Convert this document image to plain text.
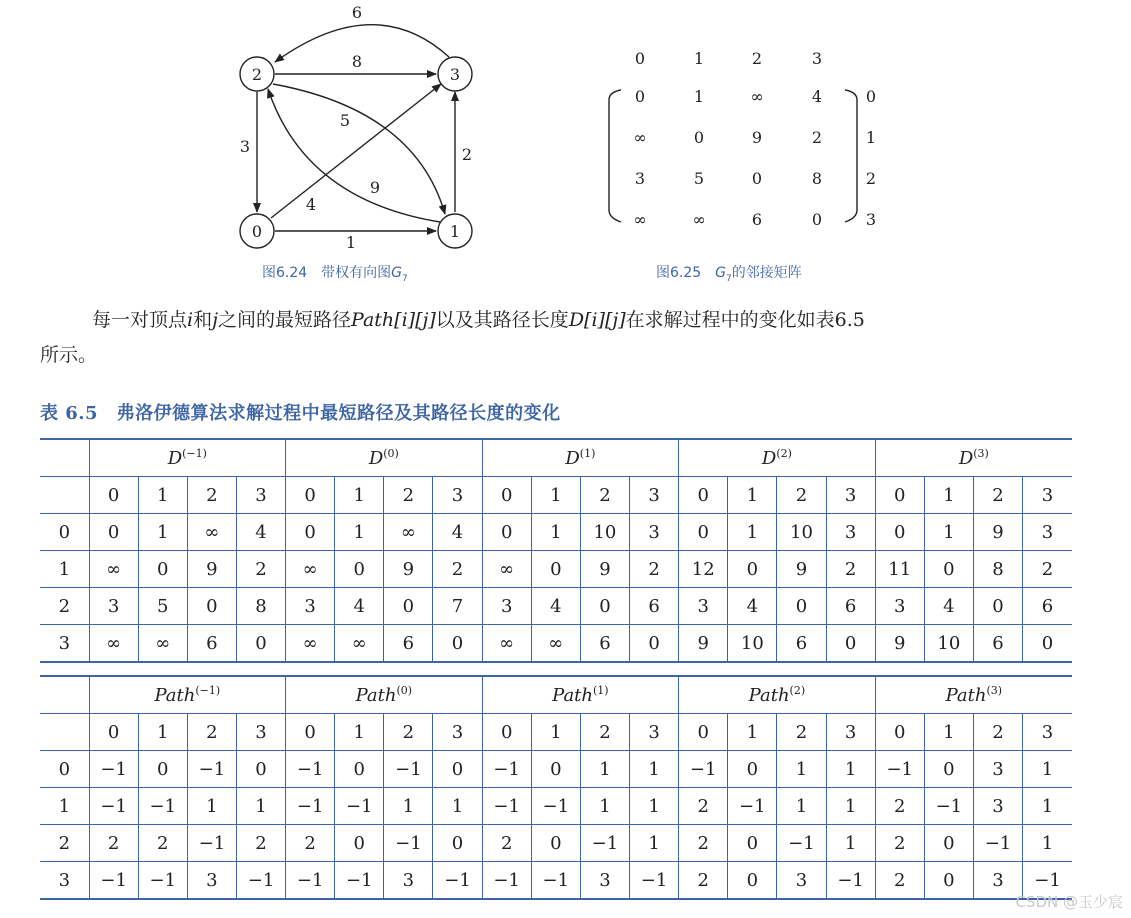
0	1
2	3
1
4
8
2
3
5
9
6
图6.24　 带权有向图$G_7$
0	1	2	3
0	1	∞	4	0
∞	0	9	2	1
3	5	0	8	2
∞	∞	6	0	3
图6.25　 $G_7$的邻接矩阵
每一对顶点i和j之间的最短路径Path[i][j]以及其路径长度D[i][j]在求解过程中的变化如表6.5
所示。
表 6.5　弗洛伊德算法求解过程中最短路径及其路径长度的变化
	$D^{(-1)}$				$D^{(0)}$				$D^{(1)}$				$D^{(2)}$				$D^{(3)}$
	0	1	2	3	0	1	2	3	0	1	2	3	0	1	2	3	0	1	2	3
0	0	1	∞	4	0	1	∞	4	0	1	10	3	0	1	10	3	0	1	9	3
1	∞	0	9	2	∞	0	9	2	∞	0	9	2	12	0	9	2	11	0	8	2
2	3	5	0	8	3	4	0	7	3	4	0	6	3	4	0	6	3	4	0	6
3	∞	∞	6	0	∞	∞	6	0	∞	∞	6	0	9	10	6	0	9	10	6	0
	Path$^{(-1)}$				Path$^{(0)}$				Path$^{(1)}$				Path$^{(2)}$				Path$^{(3)}$
	0	1	2	3	0	1	2	3	0	1	2	3	0	1	2	3	0	1	2	3
0	−1	0	−1	0	−1	0	−1	0	−1	0	1	1	−1	0	1	1	−1	0	3	1
1	−1	−1	1	1	−1	−1	1	1	−1	−1	1	1	2	−1	1	1	2	−1	3	1
2	2	2	−1	2	2	0	−1	0	2	0	−1	1	2	0	−1	1	2	0	−1	1
3	−1	−1	3	−1	−1	−1	3	−1	−1	−1	3	−1	2	0	3	−1	2	0	3	−1
CSDN @玉少宸
